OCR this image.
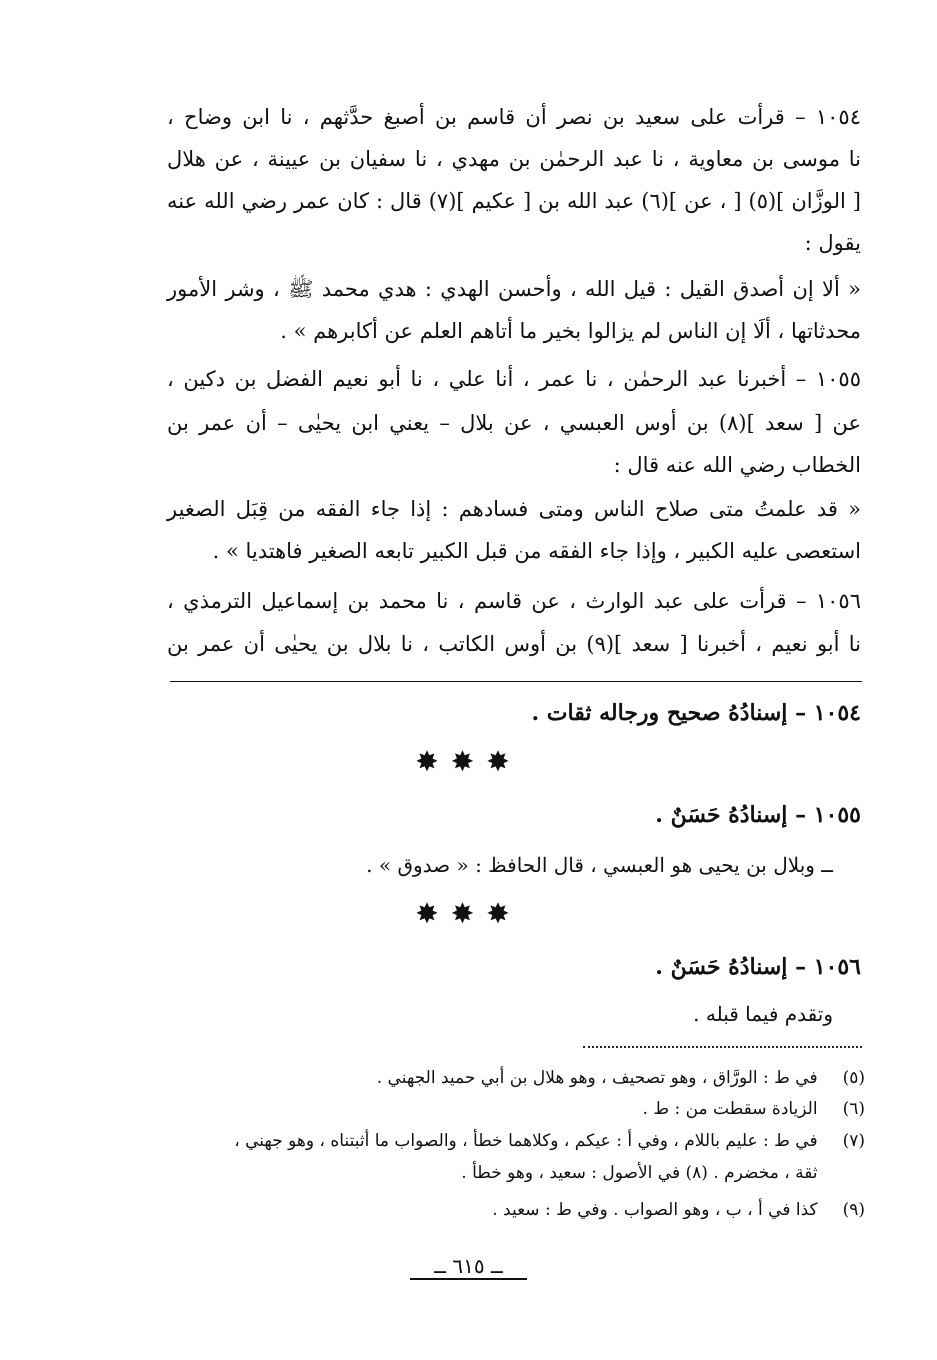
١٠٥٤ – قرأت على سعيد بن نصر أن قاسم بن أصبغ حدَّثهم ، نا ابن وضاح ،
نا موسى بن معاوية ، نا عبد الرحمٰن بن مهدي ، نا سفيان بن عيينة ، عن هلال
[ الوزَّان ](٥) [ ، عن ](٦) عبد الله بن [ عكيم ](٧) قال : كان عمر رضي الله عنه
يقول :
« ألا إن أصدق القيل : قيل الله ، وأحسن الهدي : هدي محمد ﷺ ، وشر الأمور
محدثاتها ، ألَا إن الناس لم يزالوا بخير ما أتاهم العلم عن أكابرهم » .
١٠٥٥ – أخبرنا عبد الرحمٰن ، نا عمر ، أنا علي ، نا أبو نعيم الفضل بن دكين ،
عن [ سعد ](٨) بن أوس العبسي ، عن بلال – يعني ابن يحيٰى – أن عمر بن
الخطاب رضي الله عنه قال :
« قد علمتُ متى صلاح الناس ومتى فسادهم : إذا جاء الفقه من قِبَل الصغير
استعصى عليه الكبير ، وإذا جاء الفقه من قبل الكبير تابعه الصغير فاهتديا » .
١٠٥٦ – قرأت على عبد الوارث ، عن قاسم ، نا محمد بن إسماعيل الترمذي ،
نا أبو نعيم ، أخبرنا [ سعد ](٩) بن أوس الكاتب ، نا بلال بن يحيٰى أن عمر بن
١٠٥٤ – إسنادُهُ صحيح ورجاله ثقات .
✸✸✸
١٠٥٥ – إسنادُهُ حَسَنٌ .
ــ وبلال بن يحيى هو العبسي ، قال الحافظ : « صدوق » .
✸✸✸
١٠٥٦ – إسنادُهُ حَسَنٌ .
وتقدم فيما قبله .
(٥) في ط : الورَّاق ، وهو تصحيف ، وهو هلال بن أبي حميد الجهني .
(٦) الزيادة سقطت من : ط .
(٧) في ط : عليم باللام ، وفي أ : عيكم ، وكلاهما خطأ ، والصواب ما أثبتناه ، وهو جهني ،
ثقة ، مخضرم . (٨) في الأصول : سعيد ، وهو خطأ .
(٩) كذا في أ ، ب ، وهو الصواب . وفي ط : سعيد .
ــ ٦١٥ ــ
